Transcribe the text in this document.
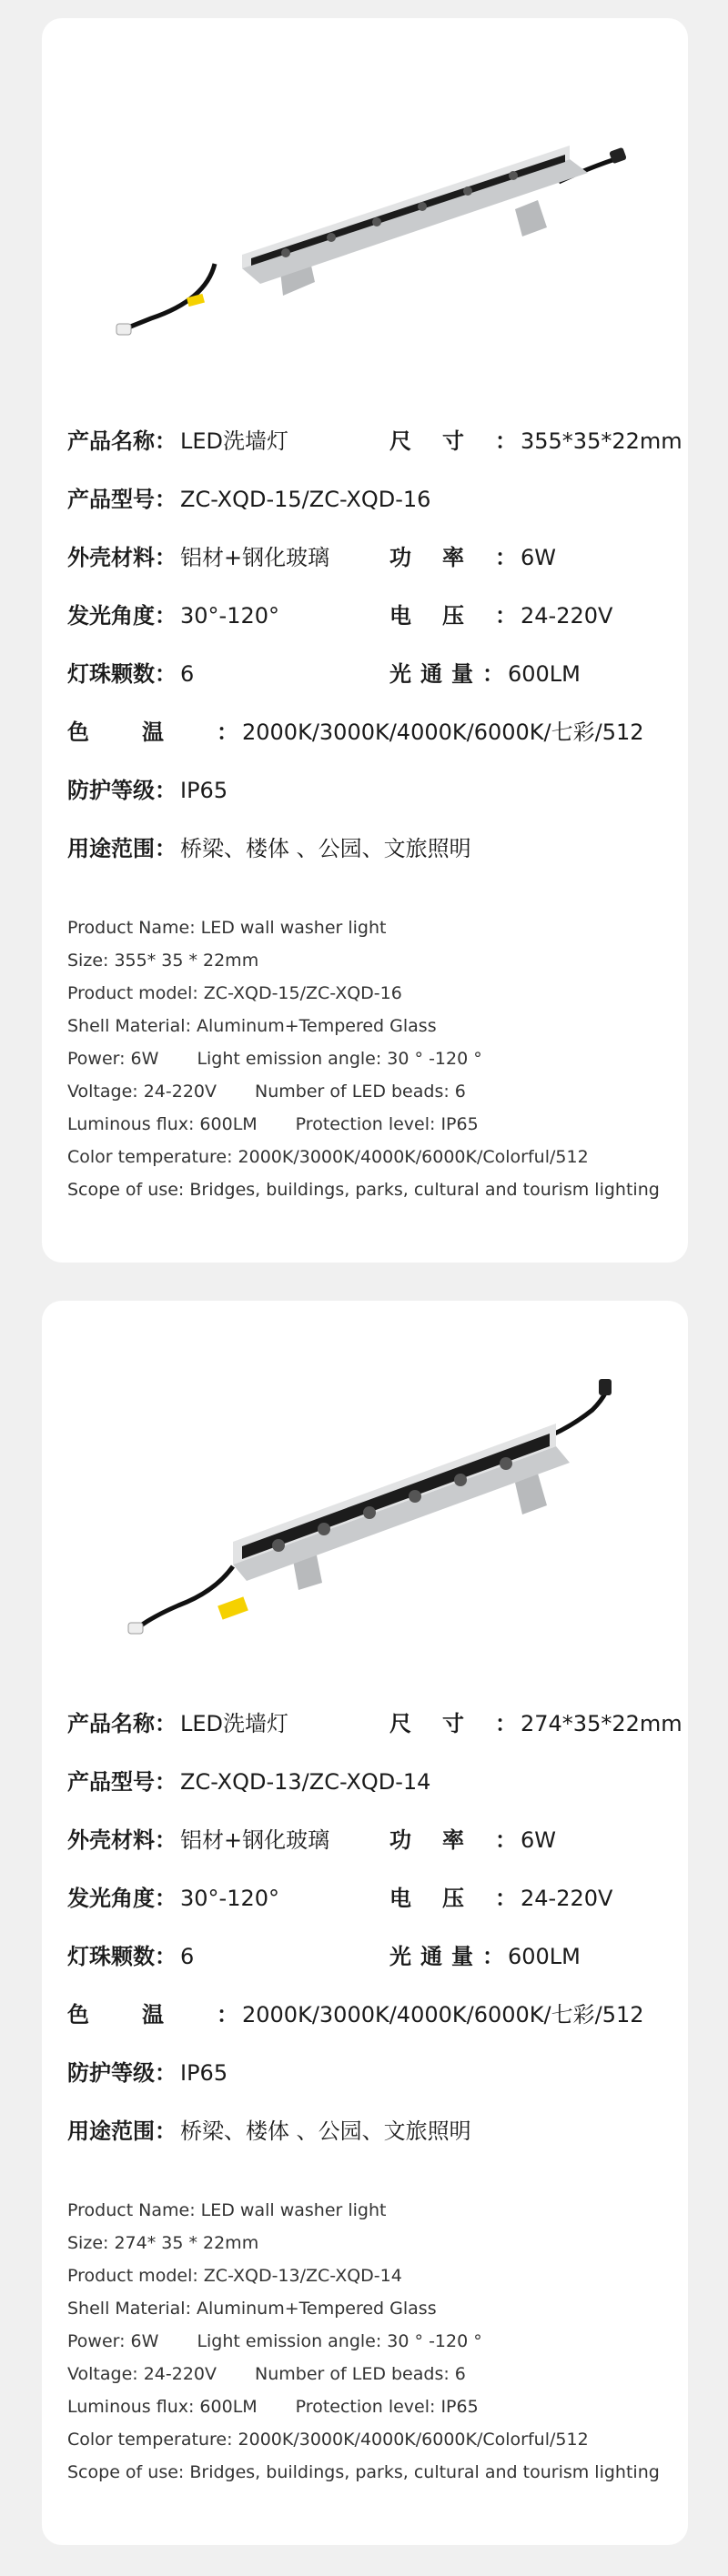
产品名称： LED洗墙灯	尺寸： 355*35*22mm
产品型号： ZC-XQD-15/ZC-XQD-16
外壳材料： 铝材+钢化玻璃	功率： 6W
发光角度： 30°-120°	电压： 24-220V
灯珠颗数： 6	光通量： 600LM
色温： 2000K/3000K/4000K/6000K/七彩/512
防护等级： IP65
用途范围： 桥梁、楼体 、公园、文旅照明
Product Name: LED wall washer light
Size: 355* 35 * 22mm
Product model: ZC-XQD-15/ZC-XQD-16
Shell Material: Aluminum+Tempered Glass
Power: 6W Light emission angle: 30 ° -120 °
Voltage: 24-220V Number of LED beads: 6
Luminous flux: 600LM Protection level: IP65
Color temperature: 2000K/3000K/4000K/6000K/Colorful/512
Scope of use: Bridges, buildings, parks, cultural and tourism lighting
产品名称： LED洗墙灯	尺寸： 274*35*22mm
产品型号： ZC-XQD-13/ZC-XQD-14
外壳材料： 铝材+钢化玻璃	功率： 6W
发光角度： 30°-120°	电压： 24-220V
灯珠颗数： 6	光通量： 600LM
色温： 2000K/3000K/4000K/6000K/七彩/512
防护等级： IP65
用途范围： 桥梁、楼体 、公园、文旅照明
Product Name: LED wall washer light
Size: 274* 35 * 22mm
Product model: ZC-XQD-13/ZC-XQD-14
Shell Material: Aluminum+Tempered Glass
Power: 6W Light emission angle: 30 ° -120 °
Voltage: 24-220V Number of LED beads: 6
Luminous flux: 600LM Protection level: IP65
Color temperature: 2000K/3000K/4000K/6000K/Colorful/512
Scope of use: Bridges, buildings, parks, cultural and tourism lighting
